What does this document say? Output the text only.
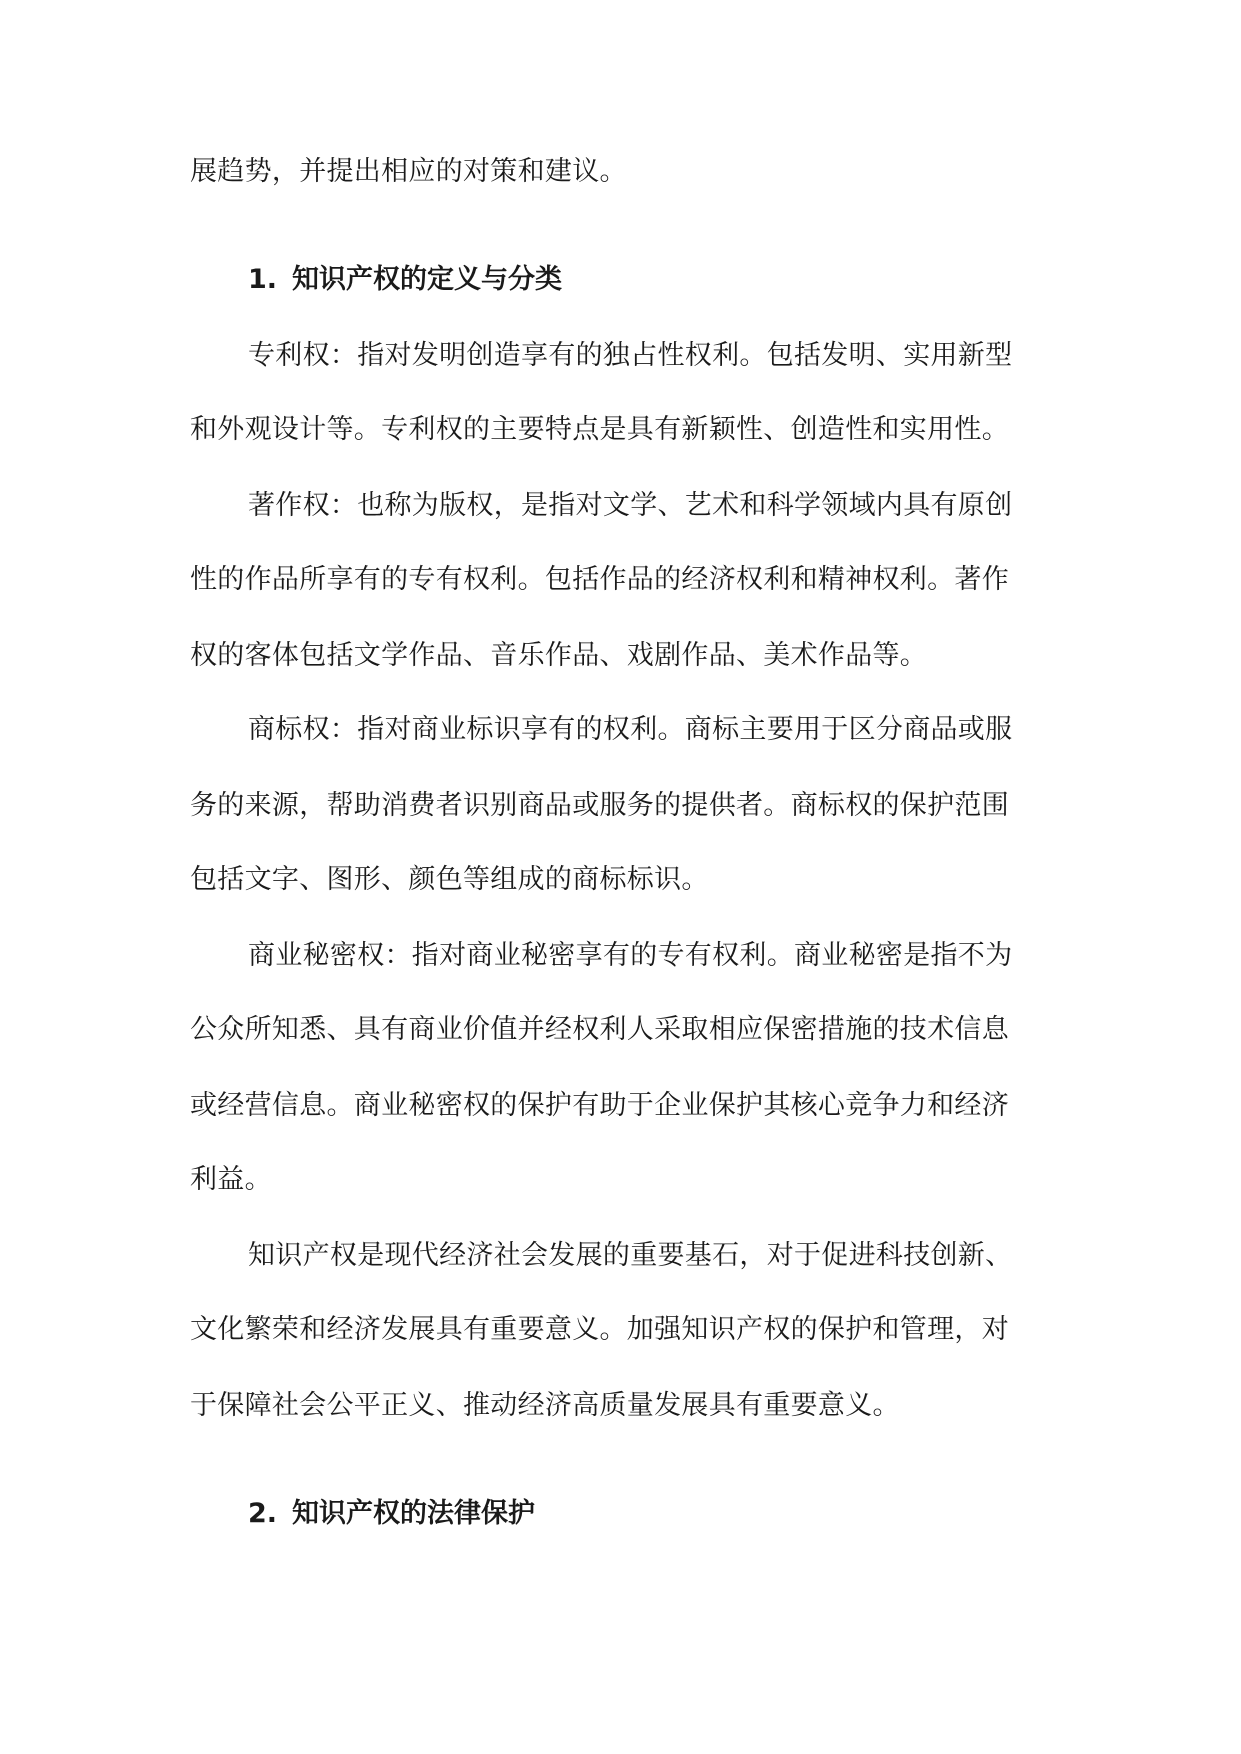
展趋势，并提出相应的对策和建议。
1. 知识产权的定义与分类
专利权：指对发明创造享有的独占性权利。包括发明、实用新型
和外观设计等。专利权的主要特点是具有新颖性、创造性和实用性。
著作权：也称为版权，是指对文学、艺术和科学领域内具有原创
性的作品所享有的专有权利。包括作品的经济权利和精神权利。著作
权的客体包括文学作品、音乐作品、戏剧作品、美术作品等。
商标权：指对商业标识享有的权利。商标主要用于区分商品或服
务的来源，帮助消费者识别商品或服务的提供者。商标权的保护范围
包括文字、图形、颜色等组成的商标标识。
商业秘密权：指对商业秘密享有的专有权利。商业秘密是指不为
公众所知悉、具有商业价值并经权利人采取相应保密措施的技术信息
或经营信息。商业秘密权的保护有助于企业保护其核心竞争力和经济
利益。
知识产权是现代经济社会发展的重要基石，对于促进科技创新、
文化繁荣和经济发展具有重要意义。加强知识产权的保护和管理，对
于保障社会公平正义、推动经济高质量发展具有重要意义。
2. 知识产权的法律保护
